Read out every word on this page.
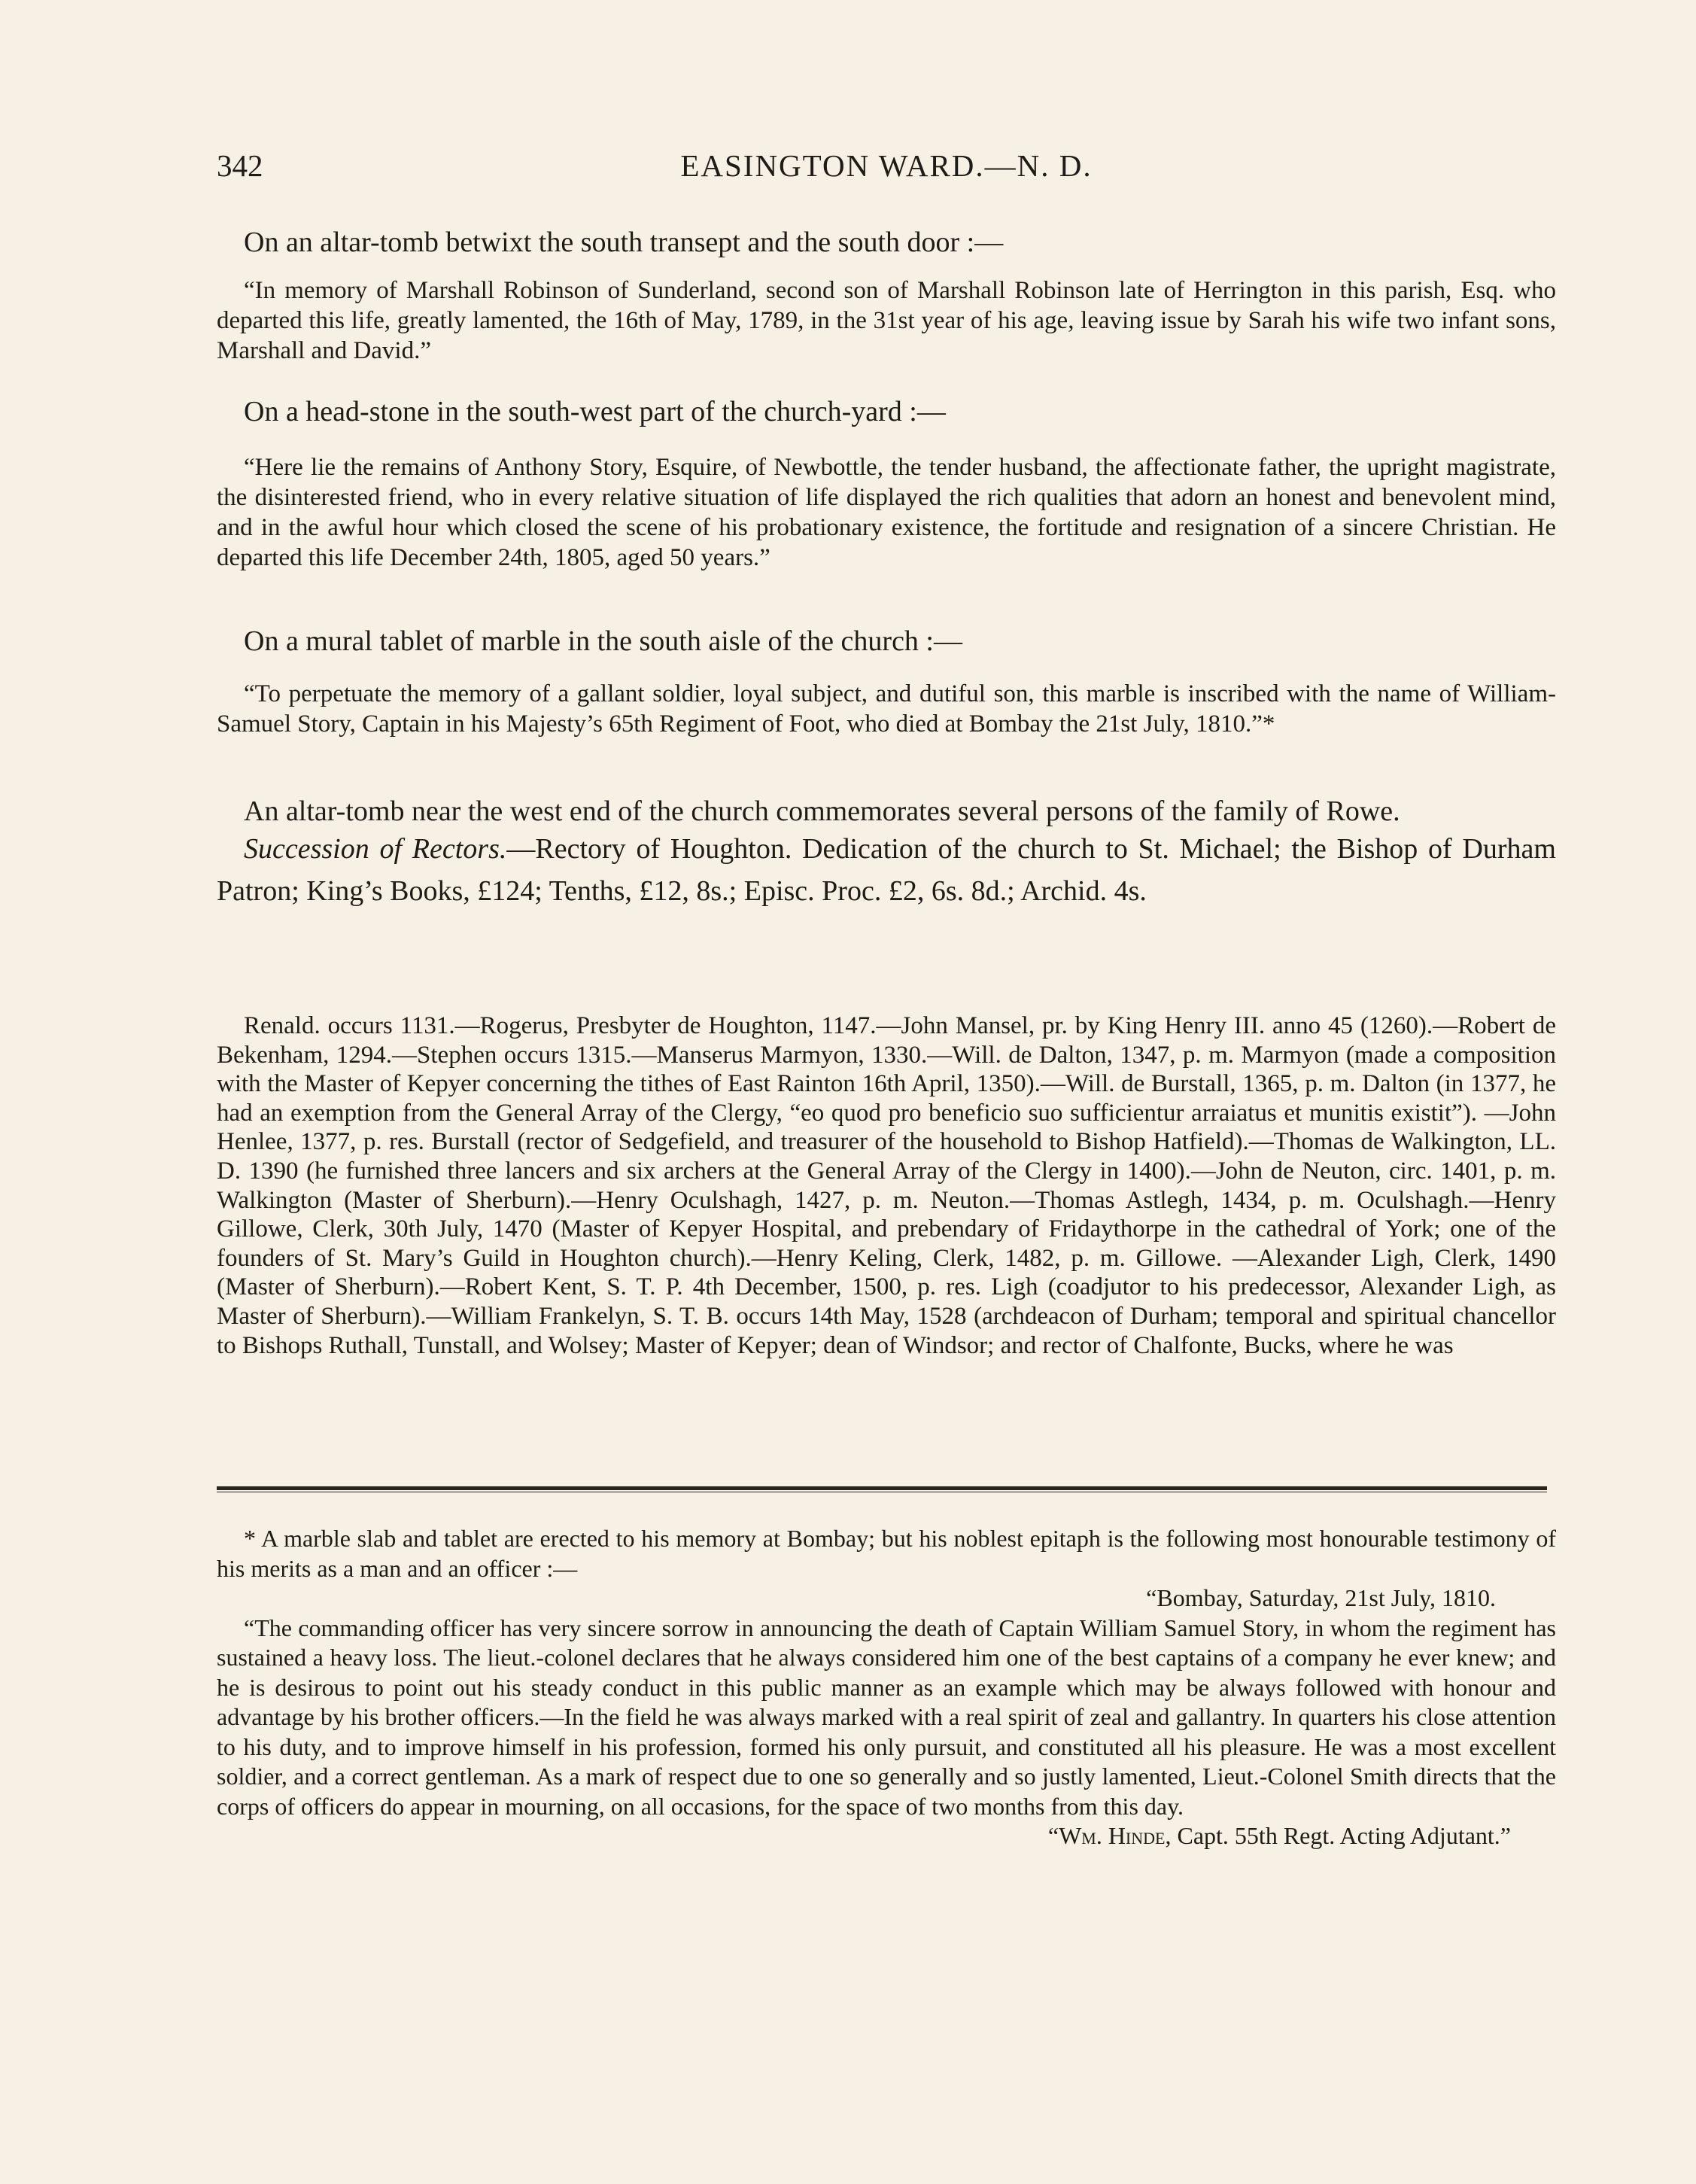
342	EASINGTON WARD.—N. D.

On an altar-tomb betwixt the south transept and the south door :—

“In memory of Marshall Robinson of Sunderland, second son of Marshall Robinson late of Herrington in this parish, Esq. who departed this life, greatly lamented, the 16th of May, 1789, in the 31st year of his age, leaving issue by Sarah his wife two infant sons, Marshall and David.”

On a head-stone in the south-west part of the church-yard :—

“Here lie the remains of Anthony Story, Esquire, of Newbottle, the tender husband, the affectionate father, the upright magistrate, the disinterested friend, who in every relative situation of life displayed the rich qualities that adorn an honest and benevolent mind, and in the awful hour which closed the scene of his probationary existence, the fortitude and resignation of a sincere Christian. He departed this life December 24th, 1805, aged 50 years.”

On a mural tablet of marble in the south aisle of the church :—

“To perpetuate the memory of a gallant soldier, loyal subject, and dutiful son, this marble is inscribed with the name of William-Samuel Story, Captain in his Majesty’s 65th Regiment of Foot, who died at Bombay the 21st July, 1810.”*

An altar-tomb near the west end of the church commemorates several persons of the family of Rowe.

Succession of Rectors.—Rectory of Houghton. Dedication of the church to St. Michael; the Bishop of Durham Patron; King’s Books, £124; Tenths, £12, 8s.; Episc. Proc. £2, 6s. 8d.; Archid. 4s.

Renald. occurs 1131.—Rogerus, Presbyter de Houghton, 1147.—John Mansel, pr. by King Henry III. anno 45 (1260).—Robert de Bekenham, 1294.—Stephen occurs 1315.—Manserus Marmyon, 1330.—Will. de Dalton, 1347, p. m. Marmyon (made a composition with the Master of Kepyer concerning the tithes of East Rainton 16th April, 1350).—Will. de Burstall, 1365, p. m. Dalton (in 1377, he had an exemption from the General Array of the Clergy, “eo quod pro beneficio suo sufficientur arraiatus et munitis existit”). —John Henlee, 1377, p. res. Burstall (rector of Sedgefield, and treasurer of the household to Bishop Hatfield).—Thomas de Walkington, LL. D. 1390 (he furnished three lancers and six archers at the General Array of the Clergy in 1400).—John de Neuton, circ. 1401, p. m. Walkington (Master of Sherburn).—Henry Oculshagh, 1427, p. m. Neuton.—Thomas Astlegh, 1434, p. m. Oculshagh.—Henry Gillowe, Clerk, 30th July, 1470 (Master of Kepyer Hospital, and prebendary of Fridaythorpe in the cathedral of York; one of the founders of St. Mary’s Guild in Houghton church).—Henry Keling, Clerk, 1482, p. m. Gillowe. —Alexander Ligh, Clerk, 1490 (Master of Sherburn).—Robert Kent, S. T. P. 4th December, 1500, p. res. Ligh (coadjutor to his predecessor, Alexander Ligh, as Master of Sherburn).—William Frankelyn, S. T. B. occurs 14th May, 1528 (archdeacon of Durham; temporal and spiritual chancellor to Bishops Ruthall, Tunstall, and Wolsey; Master of Kepyer; dean of Windsor; and rector of Chalfonte, Bucks, where he was

* A marble slab and tablet are erected to his memory at Bombay; but his noblest epitaph is the following most honourable testimony of his merits as a man and an officer :—

“Bombay, Saturday, 21st July, 1810.

“The commanding officer has very sincere sorrow in announcing the death of Captain William Samuel Story, in whom the regiment has sustained a heavy loss. The lieut.-colonel declares that he always considered him one of the best captains of a company he ever knew; and he is desirous to point out his steady conduct in this public manner as an example which may be always followed with honour and advantage by his brother officers.—In the field he was always marked with a real spirit of zeal and gallantry. In quarters his close attention to his duty, and to improve himself in his profession, formed his only pursuit, and constituted all his pleasure. He was a most excellent soldier, and a correct gentleman. As a mark of respect due to one so generally and so justly lamented, Lieut.-Colonel Smith directs that the corps of officers do appear in mourning, on all occasions, for the space of two months from this day.

“Wm. Hinde, Capt. 55th Regt. Acting Adjutant.”
